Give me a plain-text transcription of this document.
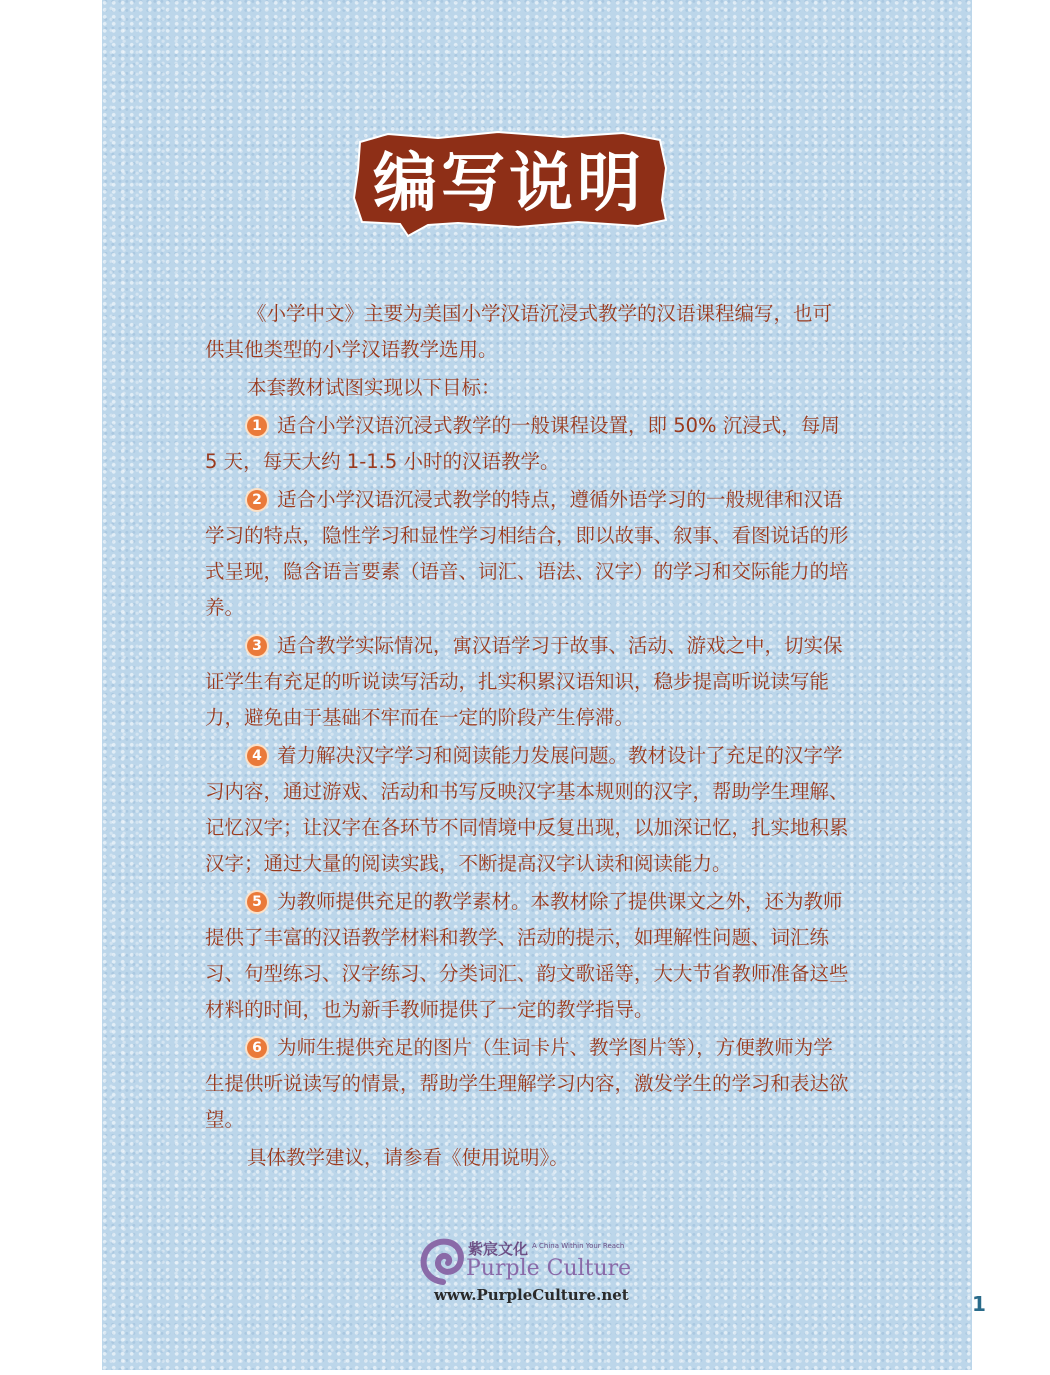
编写说明

《小学中文》主要为美国小学汉语沉浸式教学的汉语课程编写，也可供其他类型的小学汉语教学选用。

本套教材试图实现以下目标：

1 适合小学汉语沉浸式教学的一般课程设置，即 50% 沉浸式，每周 5 天，每天大约 1-1.5 小时的汉语教学。

2 适合小学汉语沉浸式教学的特点，遵循外语学习的一般规律和汉语学习的特点，隐性学习和显性学习相结合，即以故事、叙事、看图说话的形式呈现，隐含语言要素（语音、词汇、语法、汉字）的学习和交际能力的培养。

3 适合教学实际情况，寓汉语学习于故事、活动、游戏之中，切实保证学生有充足的听说读写活动，扎实积累汉语知识，稳步提高听说读写能力，避免由于基础不牢而在一定的阶段产生停滞。

4 着力解决汉字学习和阅读能力发展问题。教材设计了充足的汉字学习内容，通过游戏、活动和书写反映汉字基本规则的汉字，帮助学生理解、记忆汉字；让汉字在各环节不同情境中反复出现，以加深记忆，扎实地积累汉字；通过大量的阅读实践，不断提高汉字认读和阅读能力。

5 为教师提供充足的教学素材。本教材除了提供课文之外，还为教师提供了丰富的汉语教学材料和教学、活动的提示，如理解性问题、词汇练习、句型练习、汉字练习、分类词汇、韵文歌谣等，大大节省教师准备这些材料的时间，也为新手教师提供了一定的教学指导。

6 为师生提供充足的图片（生词卡片、教学图片等），方便教师为学生提供听说读写的情景，帮助学生理解学习内容，激发学生的学习和表达欲望。

具体教学建议，请参看《使用说明》。

紫宸文化 A China Within Your Reach
Purple Culture
www.PurpleCulture.net	1
